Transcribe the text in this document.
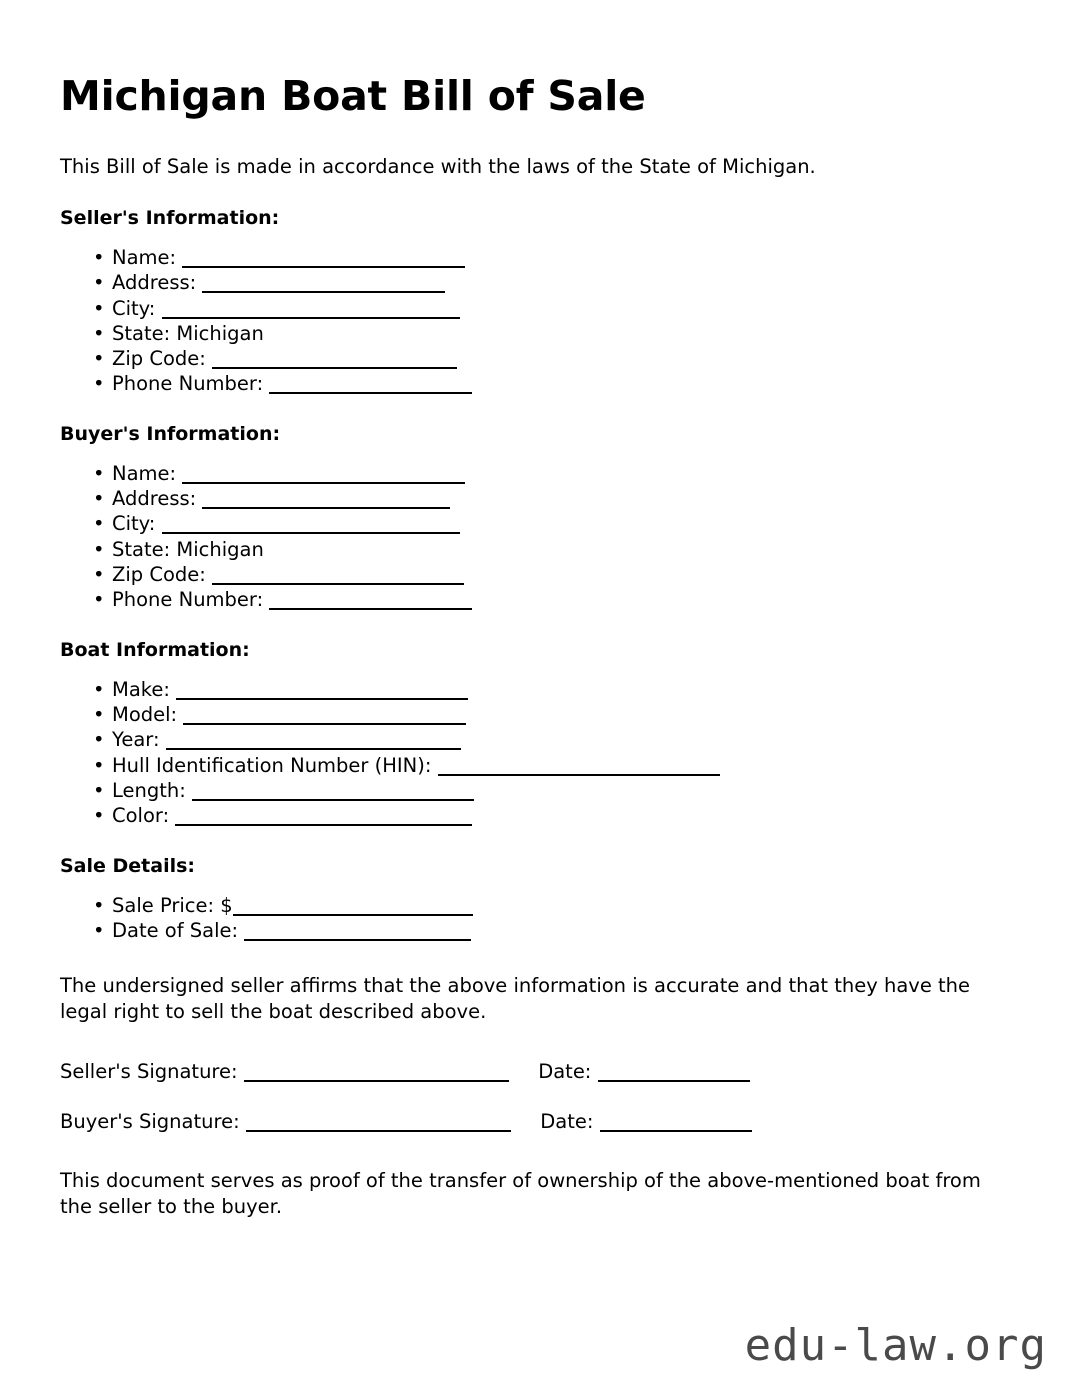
Michigan Boat Bill of Sale

This Bill of Sale is made in accordance with the laws of the State of Michigan.

Seller's Information:
• Name:
• Address:
• City:
• State: Michigan
• Zip Code:
• Phone Number:
Buyer's Information:
• Name:
• Address:
• City:
• State: Michigan
• Zip Code:
• Phone Number:
Boat Information:
• Make:
• Model:
• Year:
• Hull Identification Number (HIN):
• Length:
• Color:
Sale Details:
• Sale Price: $
• Date of Sale:

The undersigned seller affirms that the above information is accurate and that they have the legal right to sell the boat described above.

Seller's Signature:	Date:
Buyer's Signature:	Date:

This document serves as proof of the transfer of ownership of the above-mentioned boat from the seller to the buyer.

edu-law.org
